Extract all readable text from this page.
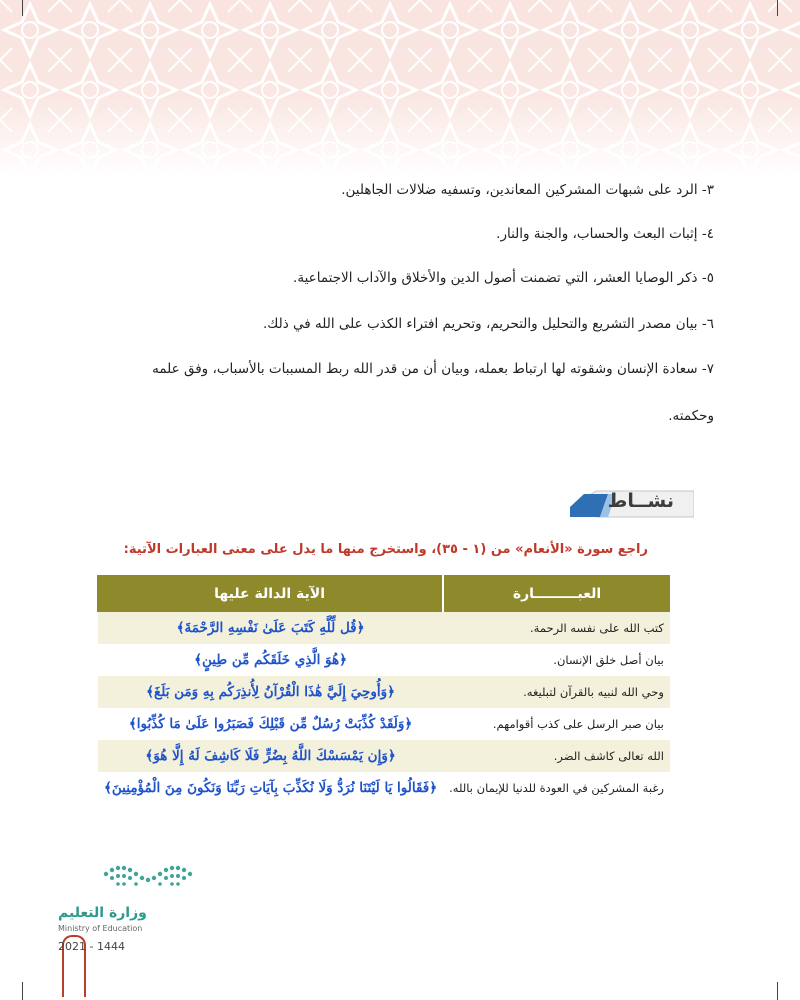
٣- الرد على شبهات المشركين المعاندين، وتسفيه ضلالات الجاهلين.
٤- إثبات البعث والحساب، والجنة والنار.
٥- ذكر الوصايا العشر، التي تضمنت أصول الدين والأخلاق والآداب الاجتماعية.
٦- بيان مصدر التشريع والتحليل والتحريم، وتحريم افتراء الكذب على الله في ذلك.
٧- سعادة الإنسان وشقوته لها ارتباط بعمله، وبيان أن من قدر الله ربط المسببات بالأسباب، وفق علمه
وحكمته.
نشــاط
راجع سورة «الأنعام» من (١ - ٣٥)، واستخرج منها ما يدل على معنى العبارات الآتية:
العبـــــــــارة	الآية الدالة عليها
كتب الله على نفسه الرحمة.	﴿قُل لِّلَّهِ كَتَبَ عَلَىٰ نَفْسِهِ الرَّحْمَةَ﴾
بيان أصل خلق الإنسان.	﴿هُوَ الَّذِي خَلَقَكُم مِّن طِينٍ﴾
وحي الله لنبيه بالقرآن لتبليغه.	﴿وَأُوحِيَ إِلَيَّ هَٰذَا الْقُرْآنُ لِأُنذِرَكُم بِهِ وَمَن بَلَغَ﴾
بيان صبر الرسل على كذب أقوامهم.	﴿وَلَقَدْ كُذِّبَتْ رُسُلٌ مِّن قَبْلِكَ فَصَبَرُوا عَلَىٰ مَا كُذِّبُوا﴾
الله تعالى كاشف الضر.	﴿وَإِن يَمْسَسْكَ اللَّهُ بِضُرٍّ فَلَا كَاشِفَ لَهُ إِلَّا هُوَ﴾
رغبة المشركين في العودة للدنيا للإيمان بالله.	﴿فَقَالُوا يَا لَيْتَنَا نُرَدُّ وَلَا نُكَذِّبَ بِآيَاتِ رَبِّنَا وَنَكُونَ مِنَ الْمُؤْمِنِينَ﴾
وزارة التعليم
Ministry of Education
2021 - 1444
